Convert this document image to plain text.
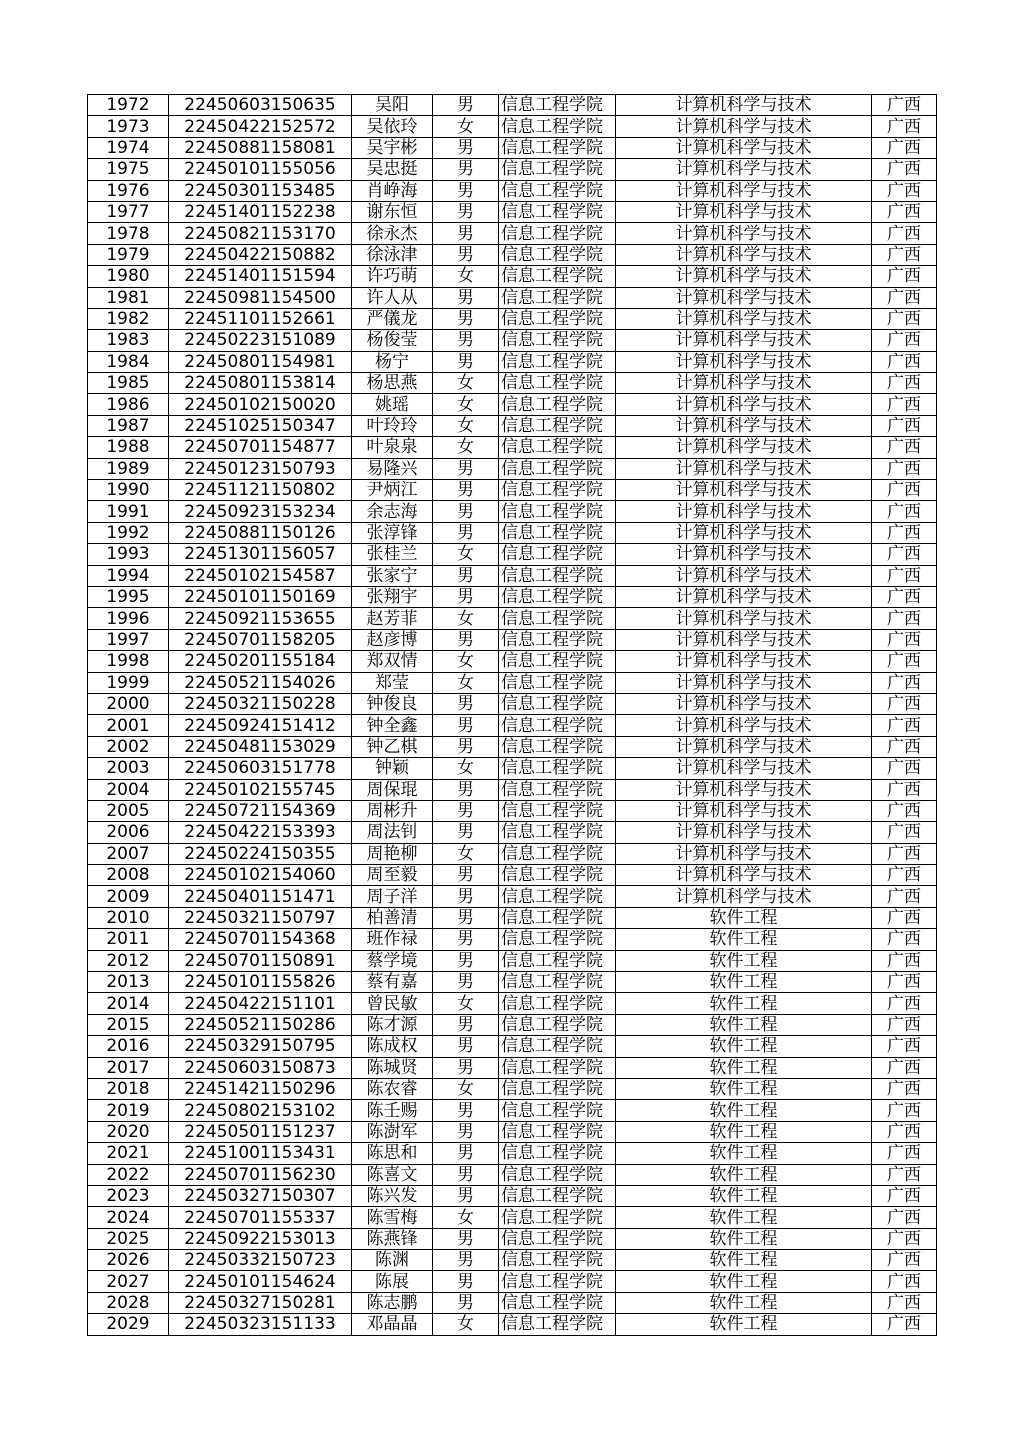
1972	22450603150635	吴阳	男	信息工程学院	计算机科学与技术	广西
1973	22450422152572	吴依玲	女	信息工程学院	计算机科学与技术	广西
1974	22450881158081	吴宇彬	男	信息工程学院	计算机科学与技术	广西
1975	22450101155056	吴忠挺	男	信息工程学院	计算机科学与技术	广西
1976	22450301153485	肖峥海	男	信息工程学院	计算机科学与技术	广西
1977	22451401152238	谢东恒	男	信息工程学院	计算机科学与技术	广西
1978	22450821153170	徐永杰	男	信息工程学院	计算机科学与技术	广西
1979	22450422150882	徐泳津	男	信息工程学院	计算机科学与技术	广西
1980	22451401151594	许巧萌	女	信息工程学院	计算机科学与技术	广西
1981	22450981154500	许人从	男	信息工程学院	计算机科学与技术	广西
1982	22451101152661	严儀龙	男	信息工程学院	计算机科学与技术	广西
1983	22450223151089	杨俊莹	男	信息工程学院	计算机科学与技术	广西
1984	22450801154981	杨宁	男	信息工程学院	计算机科学与技术	广西
1985	22450801153814	杨思燕	女	信息工程学院	计算机科学与技术	广西
1986	22450102150020	姚瑶	女	信息工程学院	计算机科学与技术	广西
1987	22451025150347	叶玲玲	女	信息工程学院	计算机科学与技术	广西
1988	22450701154877	叶泉泉	女	信息工程学院	计算机科学与技术	广西
1989	22450123150793	易隆兴	男	信息工程学院	计算机科学与技术	广西
1990	22451121150802	尹炳江	男	信息工程学院	计算机科学与技术	广西
1991	22450923153234	余志海	男	信息工程学院	计算机科学与技术	广西
1992	22450881150126	张淳锋	男	信息工程学院	计算机科学与技术	广西
1993	22451301156057	张桂兰	女	信息工程学院	计算机科学与技术	广西
1994	22450102154587	张家宁	男	信息工程学院	计算机科学与技术	广西
1995	22450101150169	张翔宇	男	信息工程学院	计算机科学与技术	广西
1996	22450921153655	赵芳菲	女	信息工程学院	计算机科学与技术	广西
1997	22450701158205	赵彦博	男	信息工程学院	计算机科学与技术	广西
1998	22450201155184	郑双情	女	信息工程学院	计算机科学与技术	广西
1999	22450521154026	郑莹	女	信息工程学院	计算机科学与技术	广西
2000	22450321150228	钟俊良	男	信息工程学院	计算机科学与技术	广西
2001	22450924151412	钟全鑫	男	信息工程学院	计算机科学与技术	广西
2002	22450481153029	钟乙棋	男	信息工程学院	计算机科学与技术	广西
2003	22450603151778	钟颖	女	信息工程学院	计算机科学与技术	广西
2004	22450102155745	周保琨	男	信息工程学院	计算机科学与技术	广西
2005	22450721154369	周彬升	男	信息工程学院	计算机科学与技术	广西
2006	22450422153393	周法钊	男	信息工程学院	计算机科学与技术	广西
2007	22450224150355	周艳柳	女	信息工程学院	计算机科学与技术	广西
2008	22450102154060	周至毅	男	信息工程学院	计算机科学与技术	广西
2009	22450401151471	周子洋	男	信息工程学院	计算机科学与技术	广西
2010	22450321150797	柏善清	男	信息工程学院	软件工程	广西
2011	22450701154368	班作禄	男	信息工程学院	软件工程	广西
2012	22450701150891	蔡学境	男	信息工程学院	软件工程	广西
2013	22450101155826	蔡有嘉	男	信息工程学院	软件工程	广西
2014	22450422151101	曾民敏	女	信息工程学院	软件工程	广西
2015	22450521150286	陈才源	男	信息工程学院	软件工程	广西
2016	22450329150795	陈成权	男	信息工程学院	软件工程	广西
2017	22450603150873	陈城贤	男	信息工程学院	软件工程	广西
2018	22451421150296	陈农睿	女	信息工程学院	软件工程	广西
2019	22450802153102	陈壬赐	男	信息工程学院	软件工程	广西
2020	22450501151237	陈澍军	男	信息工程学院	软件工程	广西
2021	22451001153431	陈思和	男	信息工程学院	软件工程	广西
2022	22450701156230	陈喜文	男	信息工程学院	软件工程	广西
2023	22450327150307	陈兴发	男	信息工程学院	软件工程	广西
2024	22450701155337	陈雪梅	女	信息工程学院	软件工程	广西
2025	22450922153013	陈燕锋	男	信息工程学院	软件工程	广西
2026	22450332150723	陈渊	男	信息工程学院	软件工程	广西
2027	22450101154624	陈展	男	信息工程学院	软件工程	广西
2028	22450327150281	陈志鹏	男	信息工程学院	软件工程	广西
2029	22450323151133	邓晶晶	女	信息工程学院	软件工程	广西
